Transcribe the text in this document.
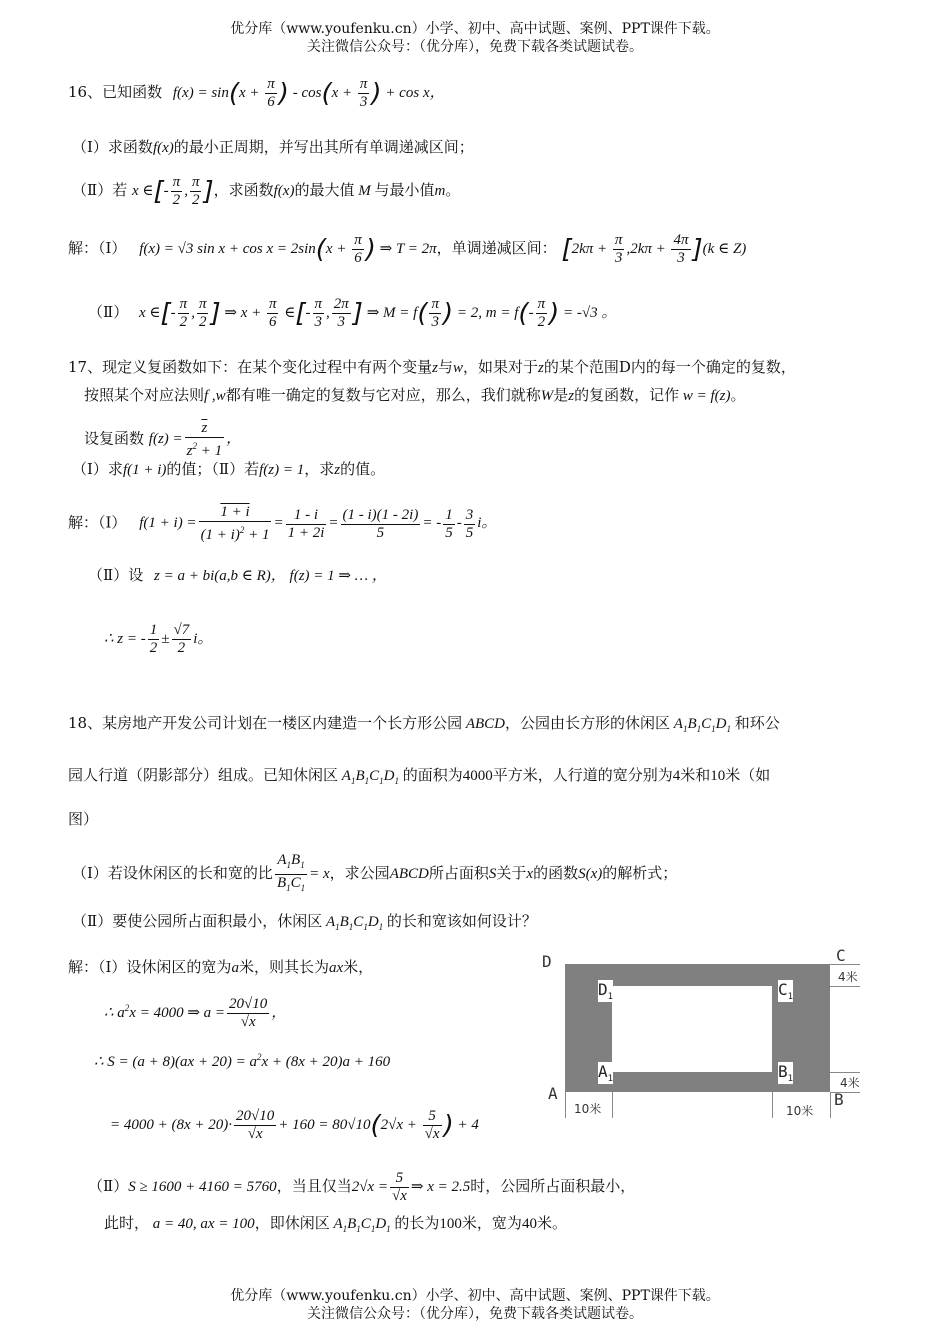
优分库（www.youfenku.cn）小学、初中、高中试题、案例、PPT课件下载。
关注微信公众号：（优分库），免费下载各类试题试卷。
16、已知函数 $f(x) = \sin(x + \frac{\pi}{6}$ ) - $\cos(x + \frac{\pi}{3}$ ) + cos x，
（Ⅰ）求函数f(x)的最小正周期，并写出其所有单调递减区间；
（Ⅱ）若 x ∈[- $\frac{\pi}{2}$ , $\frac{\pi}{2}$ ]，求函数f(x)的最大值 M 与最小值m。
解：（Ⅰ） f(x) = √3 $\sin x + \cos x = 2\sin(x + \frac{\pi}{6}$ ) ⇒ T = 2π，单调递减区间： $[2k\pi + \frac{\pi}{3} ,2k\pi + \frac{4\pi}{3} ](k$ ∈ Z)
（Ⅱ） x ∈[- $\frac{\pi}{2}$ , $\frac{\pi}{2}$ ] ⇒ $x + \frac{\pi}{6}$ ∈[- $\frac{\pi}{3}$ , $\frac{2\pi}{3}$ ] ⇒ $M = f( \frac{\pi}{3}$ ) = 2, $m = f(- \frac{\pi}{2}$ ) = -√3 。
17、现定义复函数如下：在某个变化过程中有两个变量z与w，如果对于z的某个范围D内的每一个确定的复数，
按照某个对应法则f ,w都有唯一确定的复数与它对应，那么，我们就称W是z的复函数，记作 w = f(z)。
设复函数 $f(z) = \frac{\overline{z}}{z^2 + 1}$ ，
（Ⅰ）求f(1 + i)的值；（Ⅱ）若f(z) = 1，求z的值。
解：（Ⅰ） $f(1 + i) = \frac{1 + i}{(1 + i)^2 + 1} = \frac{1 - i}{1 + 2i} = \frac{(1 - i)(1 - 2i)}{5}$ = - $\frac{1}{5} - \frac{3}{5}$ i。
（Ⅱ）设 z = a + bi(a,b ∈ R)， f(z) = 1 ⇒ … ，
∴ z = - $\frac{1}{2} \pm \frac{√7}{2}$ i。
18、某房地产开发公司计划在一楼区内建造一个长方形公园 ABCD，公园由长方形的休闲区 $A_1B_1C_1D_1$ 和环公
园人行道（阴影部分）组成。已知休闲区 $A_1B_1C_1D_1$ 的面积为4000平方米，人行道的宽分别为4米和10米（如
图）
（Ⅰ）若设休闲区的长和宽的比 $\frac{A_1B_1}{B_1C_1} = x$，求公园ABCD所占面积S关于x的函数S(x)的解析式；
（Ⅱ）要使公园所占面积最小，休闲区 $A_1B_1C_1D_1$ 的长和宽该如何设计？
解：（Ⅰ）设休闲区的宽为a米，则其长为ax米，
∴ $a^2x = 4000$ ⇒ $a = \frac{20√10}{√x}$ ，
∴ $S = (a + 8)(ax + 20) = a^2x + (8x + 20)a + 160$
= $4000 + (8x + 20)\cdot \frac{20√10}{√x} + 160 = 80√10(2√x + \frac{5}{√x}$ ) + 4
（Ⅱ）S ≥ 1600 + 4160 = 5760，当且仅当$2√x = \frac{5}{√x}$ ⇒ x = 2.5时，公园所占面积最小，
此时， a = 40, ax = 100，即休闲区 $A_1B_1C_1D_1$ 的长为100米，宽为40米。
D	C
A	B
$D_1$	$C_1$
$A_1$	$B_1$
4米
4米
10米	10米
优分库（www.youfenku.cn）小学、初中、高中试题、案例、PPT课件下载。
关注微信公众号：（优分库），免费下载各类试题试卷。
